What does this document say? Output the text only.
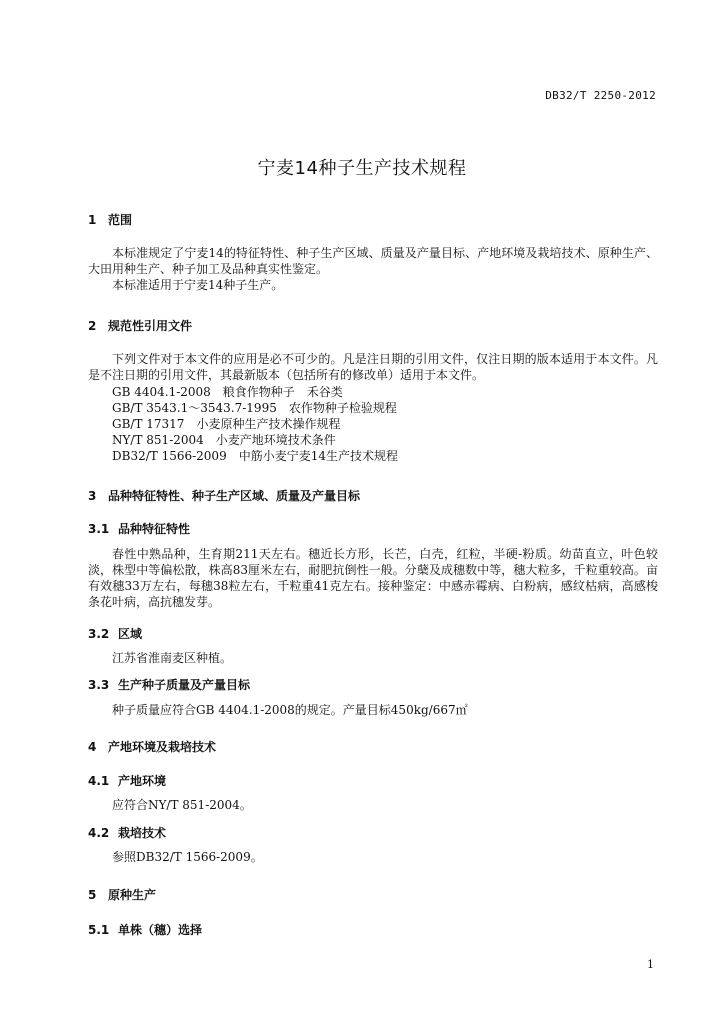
DB32/T 2250-2012
宁麦14种子生产技术规程
1 范围

本标准规定了宁麦14的特征特性、种子生产区域、质量及产量目标、产地环境及栽培技术、原种生产、大田用种生产、种子加工及品种真实性鉴定。

本标准适用于宁麦14种子生产。

2 规范性引用文件

下列文件对于本文件的应用是必不可少的。凡是注日期的引用文件，仅注日期的版本适用于本文件。凡是不注日期的引用文件，其最新版本（包括所有的修改单）适用于本文件。

GB 4404.1-2008　粮食作物种子　禾谷类
GB/T 3543.1～3543.7-1995　农作物种子检验规程
GB/T 17317　小麦原种生产技术操作规程
NY/T 851-2004　小麦产地环境技术条件
DB32/T 1566-2009　中筋小麦宁麦14生产技术规程
3 品种特征特性、种子生产区域、质量及产量目标
3.1 品种特征特性

春性中熟品种，生育期211天左右。穗近长方形，长芒，白壳，红粒，半硬-粉质。幼苗直立，叶色较淡，株型中等偏松散，株高83厘米左右，耐肥抗倒性一般。分蘖及成穗数中等，穗大粒多，千粒重较高。亩有效穗33万左右，每穗38粒左右，千粒重41克左右。接种鉴定：中感赤霉病、白粉病，感纹枯病，高感梭条花叶病，高抗穗发芽。

3.2 区域

江苏省淮南麦区种植。

3.3 生产种子质量及产量目标

种子质量应符合GB 4404.1-2008的规定。产量目标450kg/667㎡

4 产地环境及栽培技术
4.1 产地环境

应符合NY/T 851-2004。

4.2 栽培技术

参照DB32/T 1566-2009。

5 原种生产
5.1 单株（穗）选择
1
